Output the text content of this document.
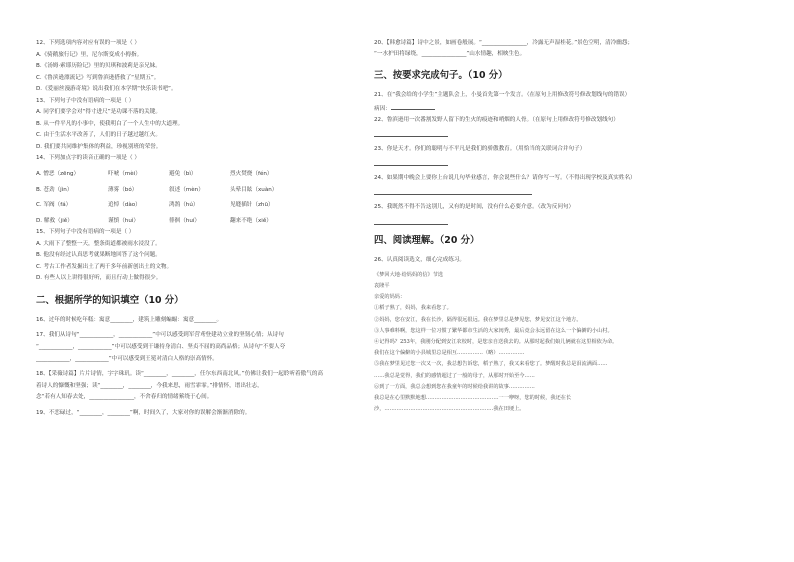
12、下列选项内容对应有误的一项是（ ）
A.《骑鹅旅行记》里，尼尔斯变成小拇指。
B.《汤姆·索耶历险记》里的贝琪和波莉是亲兄妹。
C.《鲁滨逊漂流记》写到鲁滨逊搭救了“星期五”。
D.《爱丽丝漫游奇境》说出我们在本学期“快乐读书吧”。
13、下列句子中没有语病的一项是（ ）
A. 同学们要学会对“得寸进尺”是功课不落的关键。
B. 从一件平凡的小事中，使我明白了一个人生中的大道理。
C. 由于生活水平改善了，人们的日子越过越红火。
D. 我们要共同维护集体的利益，珍视别班的荣誉。
14、下列加点字的读音正确的一项是（ ）
A. 憎恶（zēng）	吓唬（mèi）	避免（bì）	烈火焚烧（fén）
B. 苍劲（jìn）	薄雾（bó）	叙述（mèn）	头晕目眩（xuàn）
C. 军阀（fá）	追悼（dào）	鸿鹄（hú）	见缝插针（zhū）
D. 解救（jiě）	谨慎（huì）	徘徊（huí）	翻来不绝（xiě）
15、下列句子中没有语病的一项是（ ）
A. 大雨下了整整一天，整条街道都被雨水浸没了。
B. 他没有经过认真思考就果断地回答了这个问题。
C. 考古工作者发掘出土了两千多年前新创出土的文物。
D. 有些人以上讲得很好听，而且行动上做得很少。
二、根据所学的知识填空（10 分）
16、过年的时候吃年糕：寓意________，建筑上雕刻蝙蝠：寓意________。
17、我们从诗句“____________，____________”中可以感受到军营鸢登建功立业的坚韧心情；从诗句
“____________，____________”中可以感受到干谦持身清白、坚贞不屈的高尚品格；从诗句“不要人夸
____________，____________”中可以感受到王冕对清白人格的崇高情怀。
18、【采薇诗篇】片片诗情，字字珠玑。读“________，________，任尔东西南北风。”仿佛让我们一起聆听着傲气的高
着诗人的慷慨和坚强；读“________，________，今我来思，雨雪霏霏。”排情怀，谱出壮志，
念“若有人知春去处，________________，不舍春归的情绪萦绕于心间。
19、不恋碌过，“________，________”啊，时间久了，大家对你的误解会渐渐消除的。
20、【韩愈诗篇】诗中之景，如画卷般展。“________________，冷露无声湿桂花。”景色空明，清冷幽怨；
“一水护田将绿绕，________________”山水情趣，相映生色。
三、按要求完成句子。（10 分）
21、在“我会给的小学生”主题队会上，小曼首先第一个发言。（在原句上用修改符号修改划线句的错误）
病因：
22、鲁滨逊用一次番割发野人留下的生火的痕迹和哨烟的人骨。（在原句上用修改符号修改划线句）
23、你是天才。你们的聪明与不平凡是我们的骄傲教育。（用恰当的关联词合并句子）
24、如果期中晚会上要你上台说几句毕业感言，你会说些什么？请你写一写。（不得出现学校及真实姓名）
25、我既然不得不告这别儿，又有的是时间，没有什么必要介意。（改为反问句）
四、阅读理解。（20 分）
26、认真阅读选文，细心完成练习。
《梦回大地·给妈妈的信》节选
袁隆平
亲爱的妈妈：
①稻子熟了，妈妈，我来看您了。
②妈妈，您在安江，我在长沙，隔得很远很远。我在梦里总是梦见您，梦见安江这个地方。
③人事难料啊，您这样一位习惯了繁华都市生活的大家闺秀，最后竟会永远留在这么一个偏僻的小山村。
④记得吗？253年，我刚分配到安江农校时，是您亲自送我去的。从那时起我们娘儿俩就在这里相依为命。
我们在这个偏僻的小县城里总是相互……………（略）……………
⑤我在梦里见过您一次又一次，我总想告诉您，稻子熟了，我又来看您了。梦醒时我总是泪流满面……
……我总是觉得，我们的感情超过了一般的母子，从那时开始至今……
⑥到了一方面，我总会想到您在我童年的时候给我讲的故事……………
我总是在心里默默地想……………………………………一一咿呀，您的时候，我还在长
沙，………………………………………………………我在田埂上。
